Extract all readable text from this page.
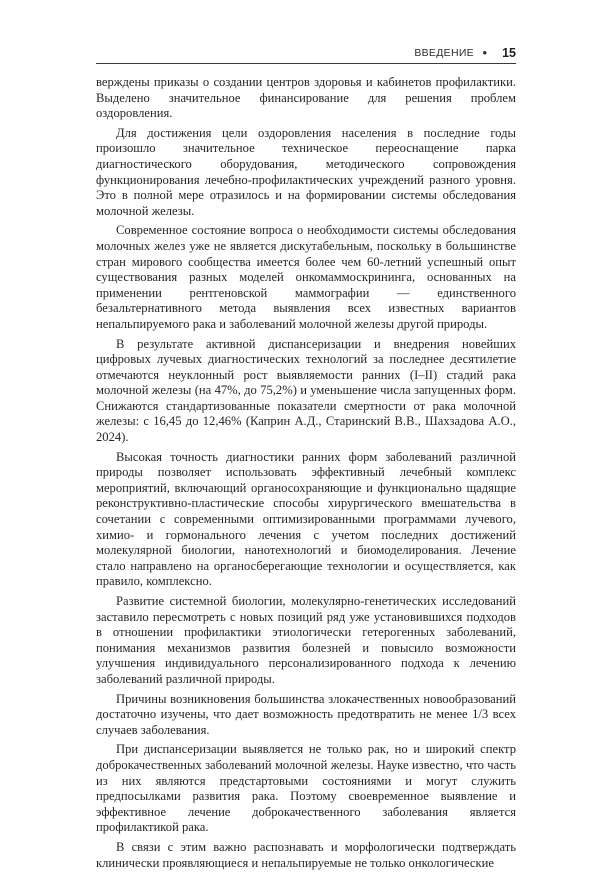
ВВЕДЕНИЕ • 15

верждены приказы о создании центров здоровья и кабинетов профилактики. Выделено значительное финансирование для решения проблем оздоровления.

Для достижения цели оздоровления населения в последние годы произошло значительное техническое переоснащение парка диагностического оборудования, методического сопровождения функционирования лечебно-профилактических учреждений разного уровня. Это в полной мере отразилось и на формировании системы обследования молочной железы.

Современное состояние вопроса о необходимости системы обследования молочных желез уже не является дискутабельным, поскольку в большинстве стран мирового сообщества имеется более чем 60-летний успешный опыт существования разных моделей онкомаммоскрининга, основанных на применении рентгеновской маммографии — единственного безальтернативного метода выявления всех известных вариантов непальпируемого рака и заболеваний молочной железы другой природы.

В результате активной диспансеризации и внедрения новейших цифровых лучевых диагностических технологий за последнее десятилетие отмечаются неуклонный рост выявляемости ранних (I–II) стадий рака молочной железы (на 47%, до 75,2%) и уменьшение числа запущенных форм. Снижаются стандартизованные показатели смертности от рака молочной железы: с 16,45 до 12,46% (Каприн А.Д., Старинский В.В., Шахзадова А.О., 2024).

Высокая точность диагностики ранних форм заболеваний различной природы позволяет использовать эффективный лечебный комплекс мероприятий, включающий органосохраняющие и функционально щадящие реконструктивно-пластические способы хирургического вмешательства в сочетании с современными оптимизированными программами лучевого, химио- и гормонального лечения с учетом последних достижений молекулярной биологии, нанотехнологий и биомоделирования. Лечение стало направлено на органосберегающие технологии и осуществляется, как правило, комплексно.

Развитие системной биологии, молекулярно-генетических исследований заставило пересмотреть с новых позиций ряд уже установившихся подходов в отношении профилактики этиологически гетерогенных заболеваний, понимания механизмов развития болезней и повысило возможности улучшения индивидуального персонализированного подхода к лечению заболеваний различной природы.

Причины возникновения большинства злокачественных новообразований достаточно изучены, что дает возможность предотвратить не менее 1/3 всех случаев заболевания.

При диспансеризации выявляется не только рак, но и широкий спектр доброкачественных заболеваний молочной железы. Науке известно, что часть из них являются предстартовыми состояниями и могут служить предпосылками развития рака. Поэтому своевременное выявление и эффективное лечение доброкачественного заболевания является профилактикой рака.

В связи с этим важно распознавать и морфологически подтверждать клинически проявляющиеся и непальпируемые не только онкологические
